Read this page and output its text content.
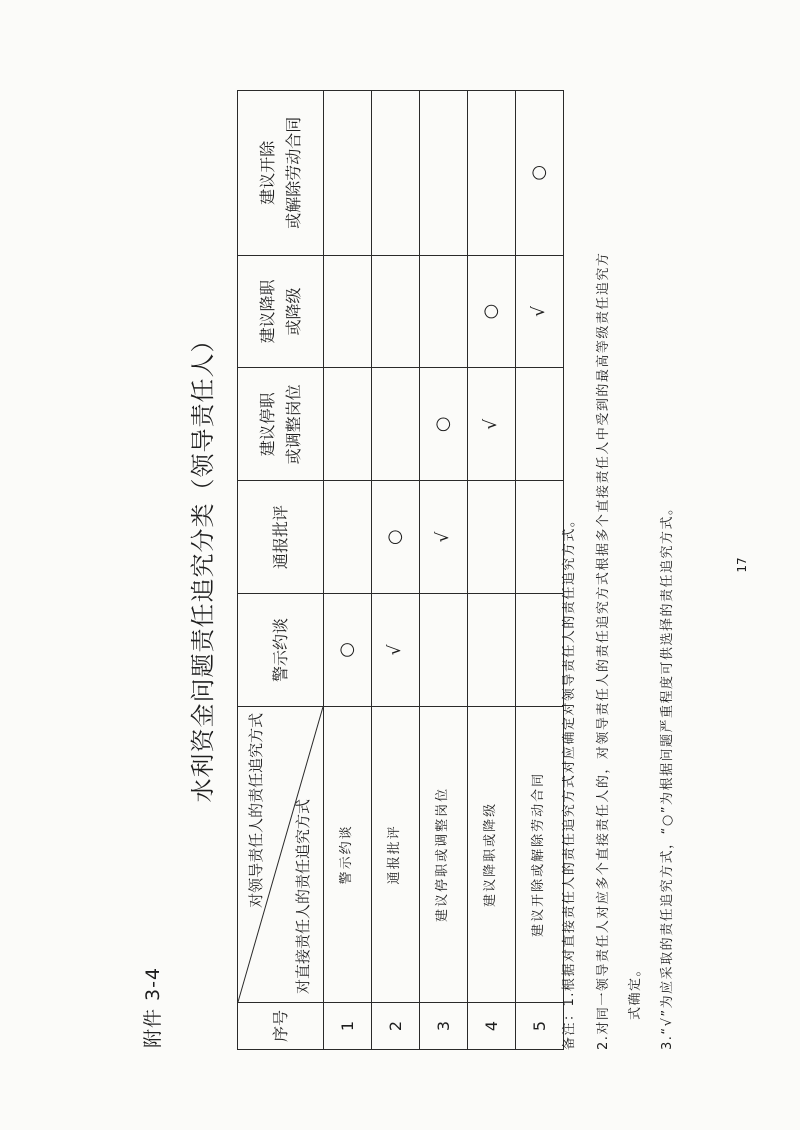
附件 3-4
水利资金问题责任追究分类（领导责任人）
序号	对领导责任人的责任追究方式 对直接责任人的责任追究方式	警示约谈	通报批评	建议停职 或调整岗位	建议降职 或降级	建议开除 或解除劳动合同
1	警示约谈	○				
2	通报批评	√	○			
3	建议停职或调整岗位		√	○		
4	建议降职或降级			√	○	
5	建议开除或解除劳动合同				√	○
备注：1.根据对直接责任人的责任追究方式对应确定对领导责任人的责任追究方式。	2.对同一领导责任人对应多个直接责任人的，对领导责任人的责任追究方式根据多个直接责任人中受到的最高等级责任追究方	式确定。	3.“√”为应采取的责任追究方式，“○”为根据问题严重程度可供选择的责任追究方式。	17
